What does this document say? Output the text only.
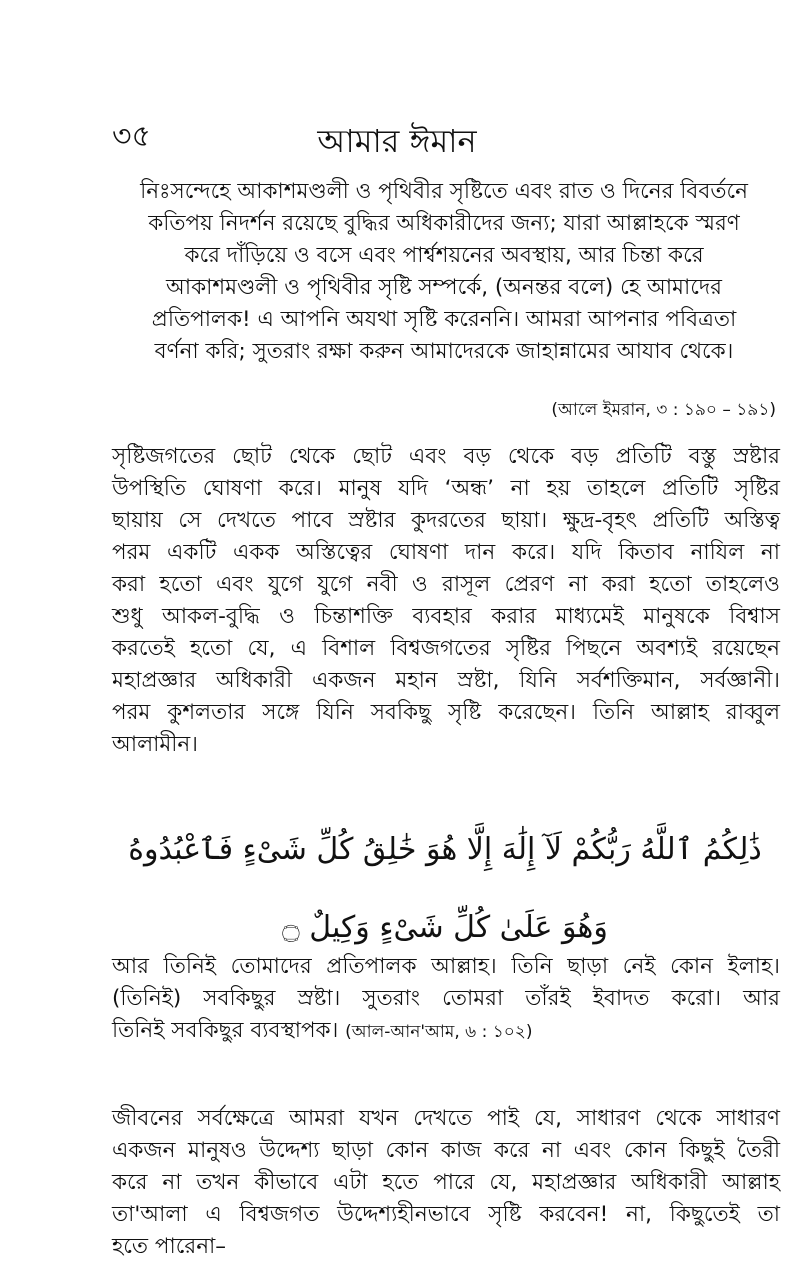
৩৫	আমার ঈমান
নিঃসন্দেহে আকাশমণ্ডলী ও পৃথিবীর সৃষ্টিতে এবং রাত ও দিনের বিবর্তনে
কতিপয় নিদর্শন রয়েছে বুদ্ধির অধিকারীদের জন্য; যারা আল্লাহকে স্মরণ
করে দাঁড়িয়ে ও বসে এবং পার্শ্বশয়নের অবস্থায়, আর চিন্তা করে
আকাশমণ্ডলী ও পৃথিবীর সৃষ্টি সম্পর্কে, (অনন্তর বলে) হে আমাদের
প্রতিপালক! এ আপনি অযথা সৃষ্টি করেননি। আমরা আপনার পবিত্রতা
বর্ণনা করি; সুতরাং রক্ষা করুন আমাদেরকে জাহান্নামের আযাব থেকে।
(আলে ইমরান, ৩ : ১৯০ – ১৯১)
সৃষ্টিজগতের ছোট থেকে ছোট এবং বড় থেকে বড় প্রতিটি বস্তু স্রষ্টার
উপস্থিতি ঘোষণা করে। মানুষ যদি ‘অন্ধ’ না হয় তাহলে প্রতিটি সৃষ্টির
ছায়ায় সে দেখতে পাবে স্রষ্টার কুদরতের ছায়া। ক্ষুদ্র-বৃহৎ প্রতিটি অস্তিত্ব
পরম একটি একক অস্তিত্বের ঘোষণা দান করে। যদি কিতাব নাযিল না
করা হতো এবং যুগে যুগে নবী ও রাসূল প্রেরণ না করা হতো তাহলেও
শুধু আকল-বুদ্ধি ও চিন্তাশক্তি ব্যবহার করার মাধ্যমেই মানুষকে বিশ্বাস
করতেই হতো যে, এ বিশাল বিশ্বজগতের সৃষ্টির পিছনে অবশ্যই রয়েছেন
মহাপ্রজ্ঞার অধিকারী একজন মহান স্রষ্টা, যিনি সর্বশক্তিমান, সর্বজ্ঞানী।
পরম কুশলতার সঙ্গে যিনি সবকিছু সৃষ্টি করেছেন। তিনি আল্লাহ রাব্বুল
আলামীন।
ذَٰلِكُمُ ٱللَّهُ رَبُّكُمْ لَآ إِلَٰهَ إِلَّا هُوَ خَٰلِقُ كُلِّ شَىْءٍ فَٱعْبُدُوهُ
وَهُوَ عَلَىٰ كُلِّ شَىْءٍ وَكِيلٌ ۝
আর তিনিই তোমাদের প্রতিপালক আল্লাহ। তিনি ছাড়া নেই কোন ইলাহ।
(তিনিই) সবকিছুর স্রষ্টা। সুতরাং তোমরা তাঁরই ইবাদত করো। আর
তিনিই সবকিছুর ব্যবস্থাপক। (আল-আন'আম, ৬ : ১০২)
জীবনের সর্বক্ষেত্রে আমরা যখন দেখতে পাই যে, সাধারণ থেকে সাধারণ
একজন মানুষও উদ্দেশ্য ছাড়া কোন কাজ করে না এবং কোন কিছুই তৈরী
করে না তখন কীভাবে এটা হতে পারে যে, মহাপ্রজ্ঞার অধিকারী আল্লাহ
তা'আলা এ বিশ্বজগত উদ্দেশ্যহীনভাবে সৃষ্টি করবেন! না, কিছুতেই তা
হতে পারেনা–
